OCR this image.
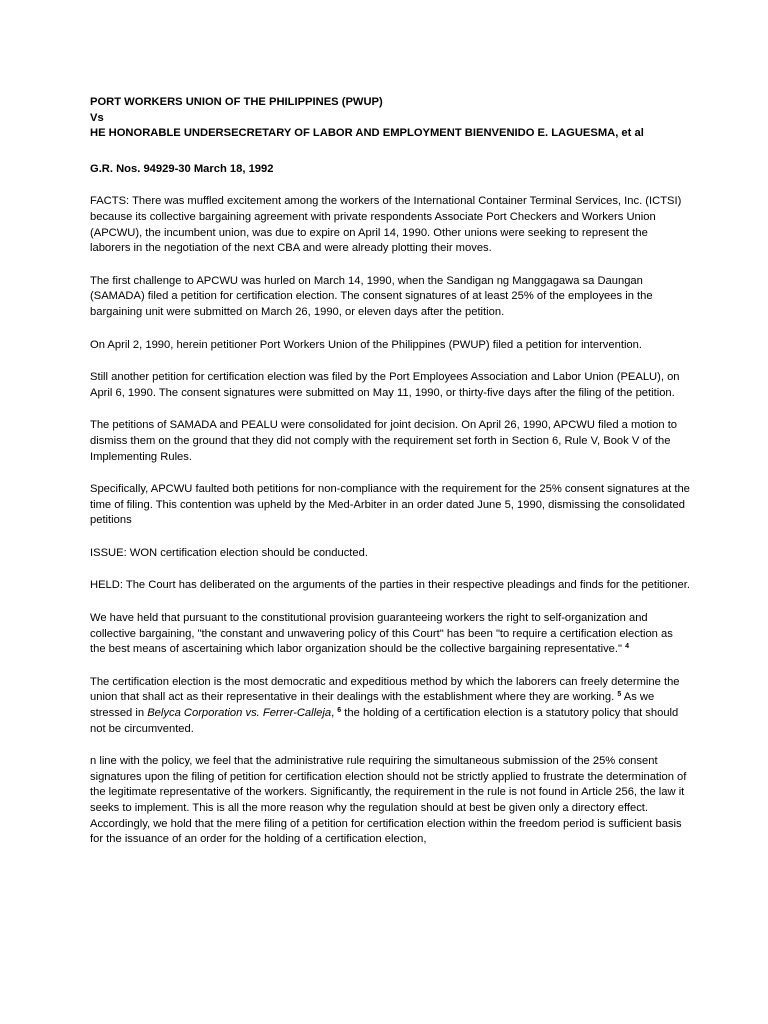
PORT WORKERS UNION OF THE PHILIPPINES (PWUP)
Vs
HE HONORABLE UNDERSECRETARY OF LABOR AND EMPLOYMENT BIENVENIDO E. LAGUESMA, et al
G.R. Nos. 94929-30 March 18, 1992

FACTS: There was muffled excitement among the workers of the International Container Terminal Services, Inc. (ICTSI) because its collective bargaining agreement with private respondents Associate Port Checkers and Workers Union (APCWU), the incumbent union, was due to expire on April 14, 1990. Other unions were seeking to represent the laborers in the negotiation of the next CBA and were already plotting their moves.

The first challenge to APCWU was hurled on March 14, 1990, when the Sandigan ng Manggagawa sa Daungan (SAMADA) filed a petition for certification election. The consent signatures of at least 25% of the employees in the bargaining unit were submitted on March 26, 1990, or eleven days after the petition.

On April 2, 1990, herein petitioner Port Workers Union of the Philippines (PWUP) filed a petition for intervention.

Still another petition for certification election was filed by the Port Employees Association and Labor Union (PEALU), on April 6, 1990. The consent signatures were submitted on May 11, 1990, or thirty-five days after the filing of the petition.

The petitions of SAMADA and PEALU were consolidated for joint decision. On April 26, 1990, APCWU filed a motion to dismiss them on the ground that they did not comply with the requirement set forth in Section 6, Rule V, Book V of the Implementing Rules.

Specifically, APCWU faulted both petitions for non-compliance with the requirement for the 25% consent signatures at the time of filing. This contention was upheld by the Med-Arbiter in an order dated June 5, 1990, dismissing the consolidated petitions

ISSUE: WON certification election should be conducted.

HELD: The Court has deliberated on the arguments of the parties in their respective pleadings and finds for the petitioner.

We have held that pursuant to the constitutional provision guaranteeing workers the right to self-organization and collective bargaining, "the constant and unwavering policy of this Court" has been "to require a certification election as the best means of ascertaining which labor organization should be the collective bargaining representative." $^4$

The certification election is the most democratic and expeditious method by which the laborers can freely determine the union that shall act as their representative in their dealings with the establishment where they are working. $^5$ As we stressed in Belyca Corporation vs. Ferrer-Calleja, $^6$ the holding of a certification election is a statutory policy that should not be circumvented.

n line with the policy, we feel that the administrative rule requiring the simultaneous submission of the 25% consent signatures upon the filing of petition for certification election should not be strictly applied to frustrate the determination of the legitimate representative of the workers. Significantly, the requirement in the rule is not found in Article 256, the law it seeks to implement. This is all the more reason why the regulation should at best be given only a directory effect. Accordingly, we hold that the mere filing of a petition for certification election within the freedom period is sufficient basis for the issuance of an order for the holding of a certification election,
